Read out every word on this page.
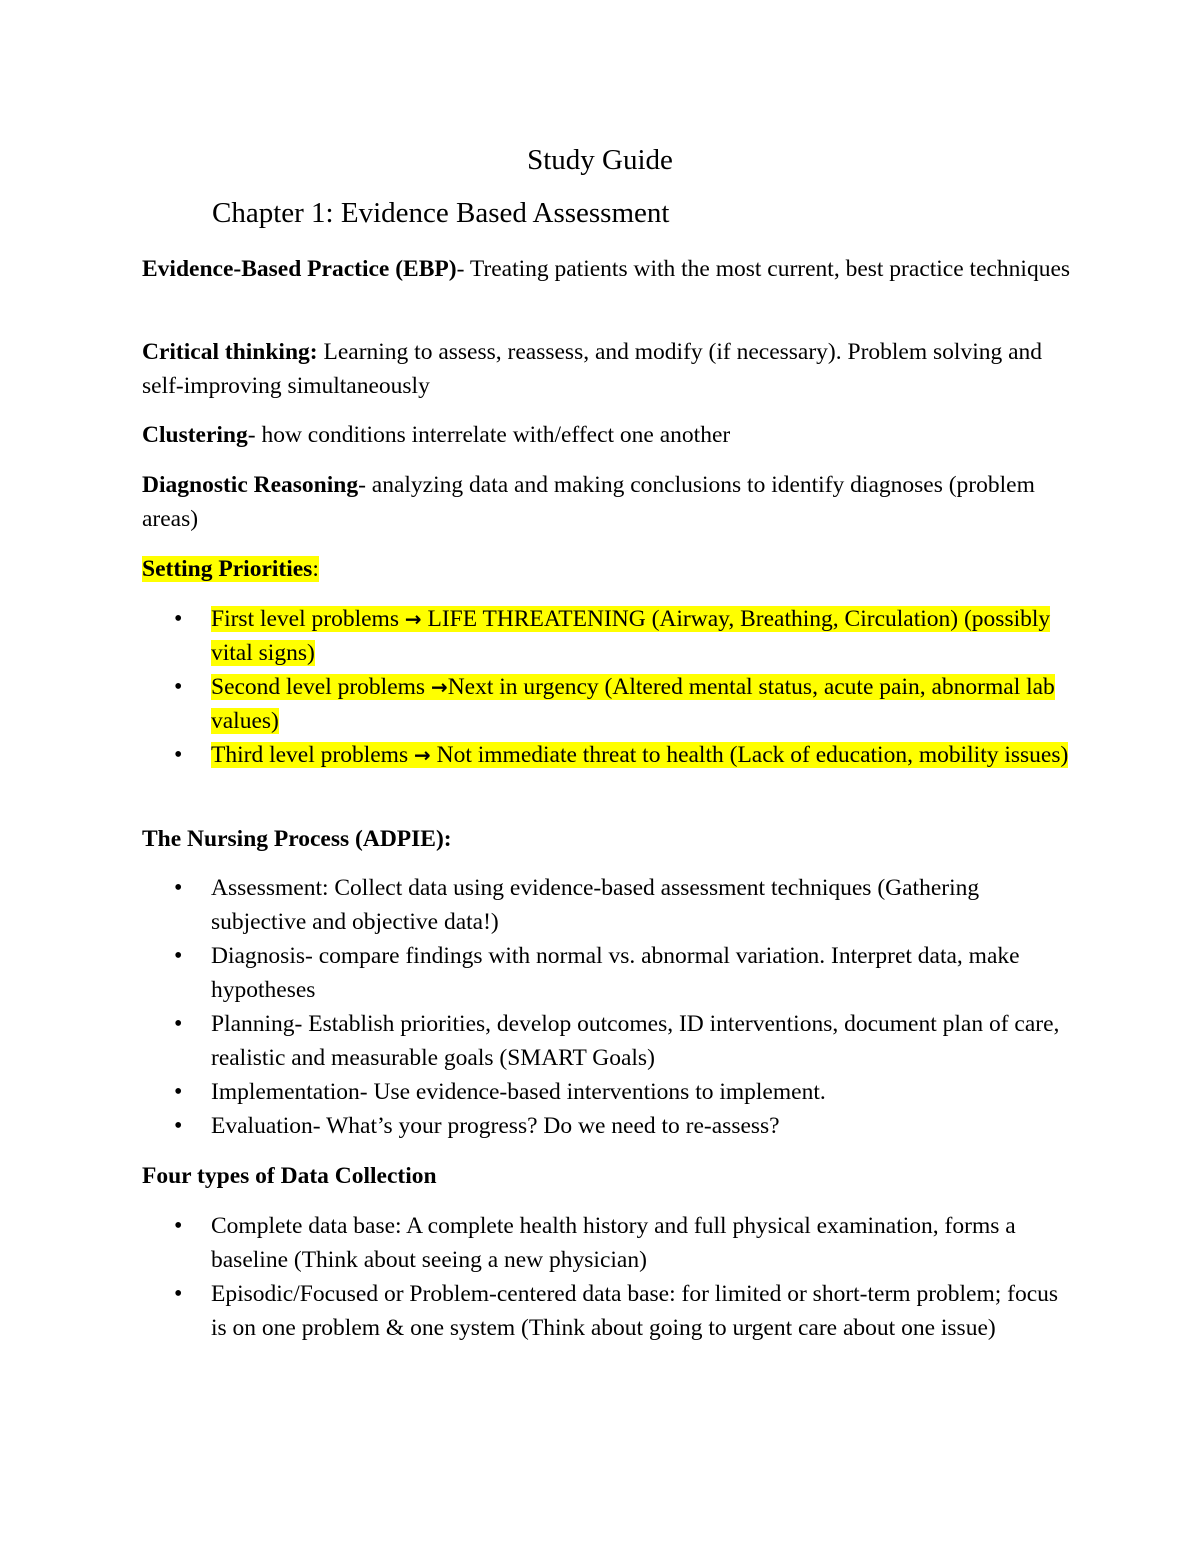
Study Guide
Chapter 1: Evidence Based Assessment

Evidence-Based Practice (EBP)- Treating patients with the most current, best practice techniques

Critical thinking: Learning to assess, reassess, and modify (if necessary). Problem solving and self-improving simultaneously

Clustering- how conditions interrelate with/effect one another

Diagnostic Reasoning- analyzing data and making conclusions to identify diagnoses (problem areas)

Setting Priorities:

• First level problems → LIFE THREATENING (Airway, Breathing, Circulation) (possibly vital signs)
• Second level problems →Next in urgency (Altered mental status, acute pain, abnormal lab values)
• Third level problems → Not immediate threat to health (Lack of education, mobility issues)

The Nursing Process (ADPIE):

• Assessment: Collect data using evidence-based assessment techniques (Gathering subjective and objective data!)
• Diagnosis- compare findings with normal vs. abnormal variation. Interpret data, make hypotheses
• Planning- Establish priorities, develop outcomes, ID interventions, document plan of care, realistic and measurable goals (SMART Goals)
• Implementation- Use evidence-based interventions to implement.
• Evaluation- What’s your progress? Do we need to re-assess?

Four types of Data Collection

• Complete data base: A complete health history and full physical examination, forms a baseline (Think about seeing a new physician)
• Episodic/Focused or Problem-centered data base: for limited or short-term problem; focus is on one problem & one system (Think about going to urgent care about one issue)
